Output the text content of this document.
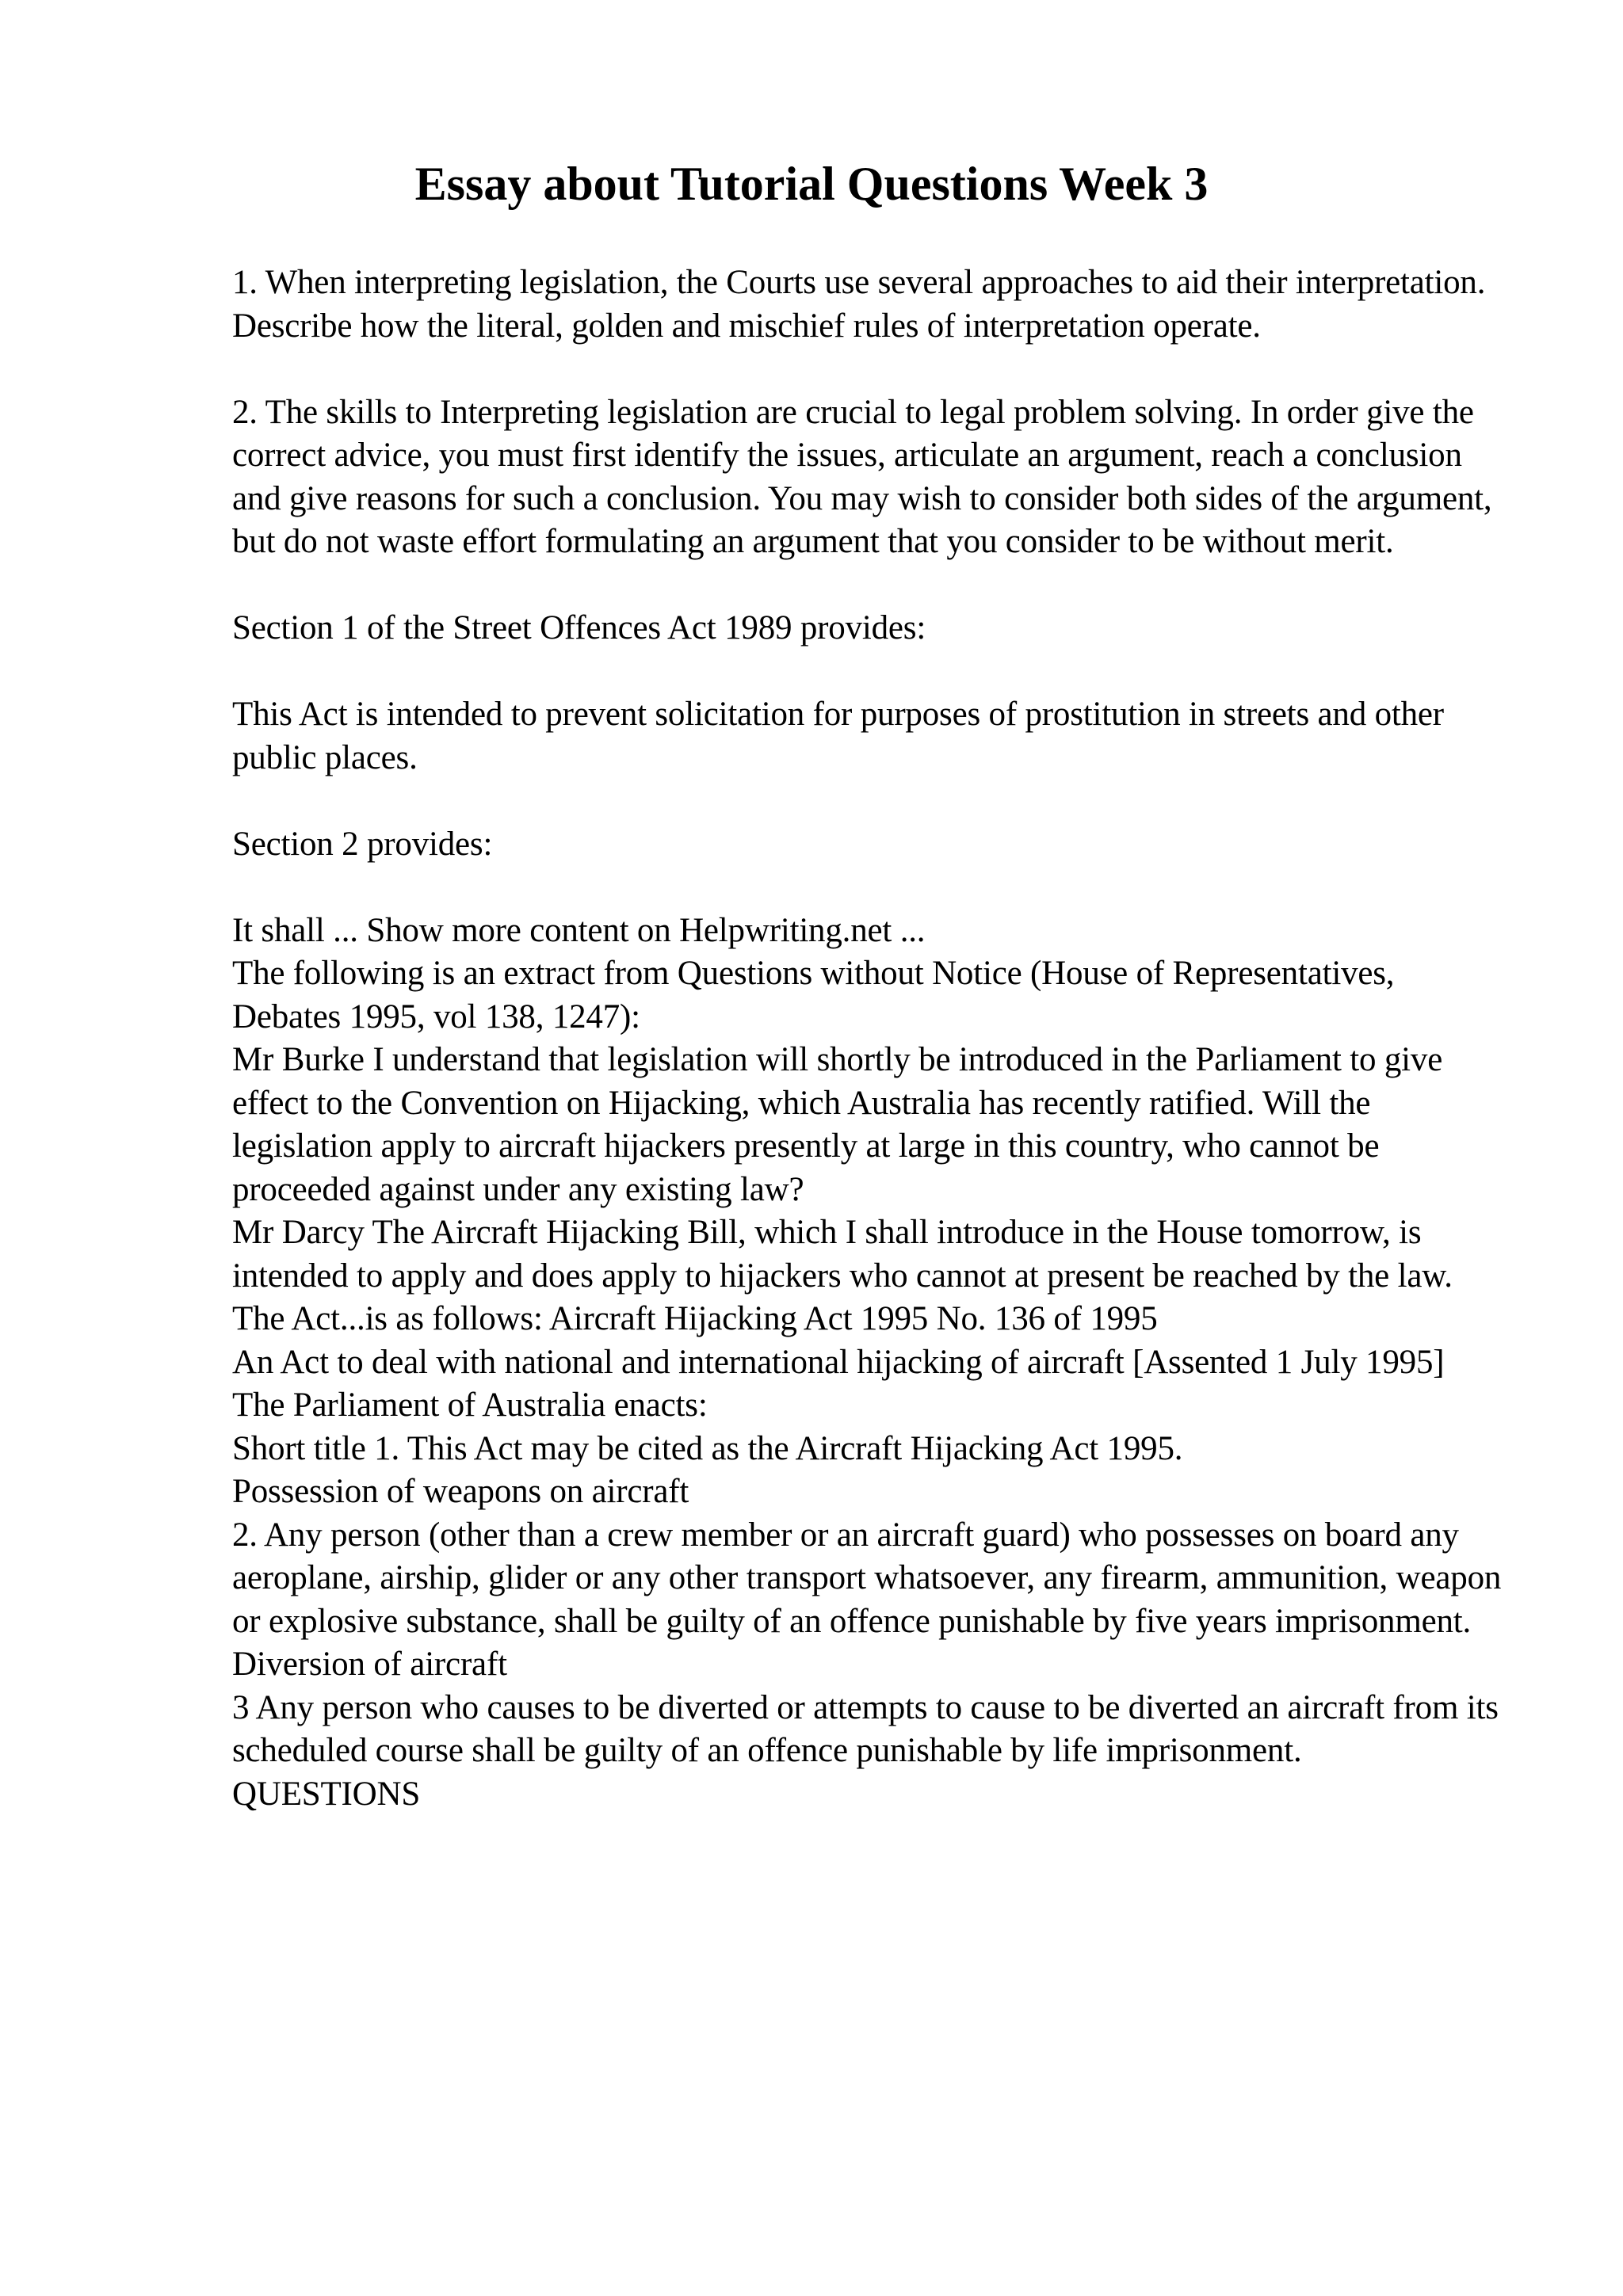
Essay about Tutorial Questions Week 3

1. When interpreting legislation, the Courts use several approaches to aid their interpretation. Describe how the literal, golden and mischief rules of interpretation operate.

2. The skills to Interpreting legislation are crucial to legal problem solving. In order give the correct advice, you must first identify the issues, articulate an argument, reach a conclusion and give reasons for such a conclusion. You may wish to consider both sides of the argument, but do not waste effort formulating an argument that you consider to be without merit.

Section 1 of the Street Offences Act 1989 provides:

This Act is intended to prevent solicitation for purposes of prostitution in streets and other public places.

Section 2 provides:

It shall ... Show more content on Helpwriting.net ...
The following is an extract from Questions without Notice (House of Representatives, Debates 1995, vol 138, 1247):
Mr Burke I understand that legislation will shortly be introduced in the Parliament to give effect to the Convention on Hijacking, which Australia has recently ratified. Will the legislation apply to aircraft hijackers presently at large in this country, who cannot be proceeded against under any existing law?
Mr Darcy The Aircraft Hijacking Bill, which I shall introduce in the House tomorrow, is intended to apply and does apply to hijackers who cannot at present be reached by the law.
The Act...is as follows: Aircraft Hijacking Act 1995 No. 136 of 1995
An Act to deal with national and international hijacking of aircraft [Assented 1 July 1995]
The Parliament of Australia enacts:
Short title 1. This Act may be cited as the Aircraft Hijacking Act 1995.
Possession of weapons on aircraft
2. Any person (other than a crew member or an aircraft guard) who possesses on board any aeroplane, airship, glider or any other transport whatsoever, any firearm, ammunition, weapon or explosive substance, shall be guilty of an offence punishable by five years imprisonment.
Diversion of aircraft
3 Any person who causes to be diverted or attempts to cause to be diverted an aircraft from its scheduled course shall be guilty of an offence punishable by life imprisonment.
QUESTIONS
